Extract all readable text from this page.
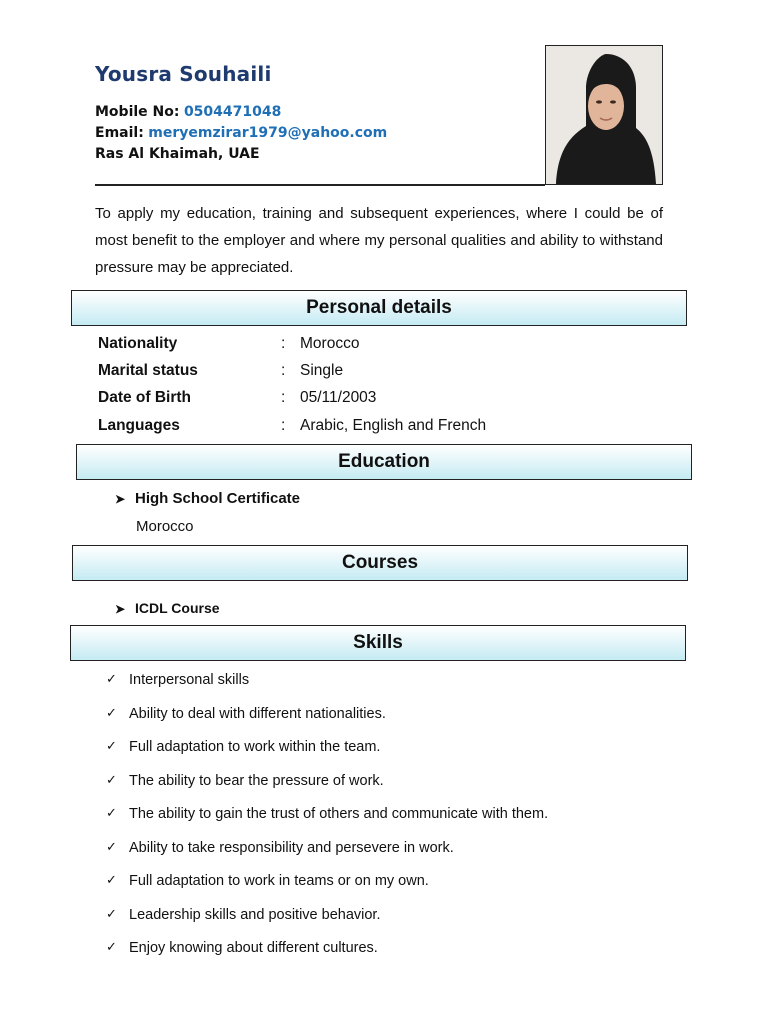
Yousra Souhaili
Mobile No: 0504471048
Email: meryemzirar1979@yahoo.com
Ras Al Khaimah, UAE

To apply my education, training and subsequent experiences, where I could be of most benefit to the employer and where my personal qualities and ability to withstand pressure may be appreciated.

Personal details
Nationality	: Morocco
Marital status	: Single
Date of Birth	: 05/11/2003
Languages	: Arabic, English and French
Education
➤ High School Certificate
Morocco
Courses
➤ ICDL Course
Skills
✓ Interpersonal skills
✓ Ability to deal with different nationalities.
✓ Full adaptation to work within the team.
✓ The ability to bear the pressure of work.
✓ The ability to gain the trust of others and communicate with them.
✓ Ability to take responsibility and persevere in work.
✓ Full adaptation to work in teams or on my own.
✓ Leadership skills and positive behavior.
✓ Enjoy knowing about different cultures.
